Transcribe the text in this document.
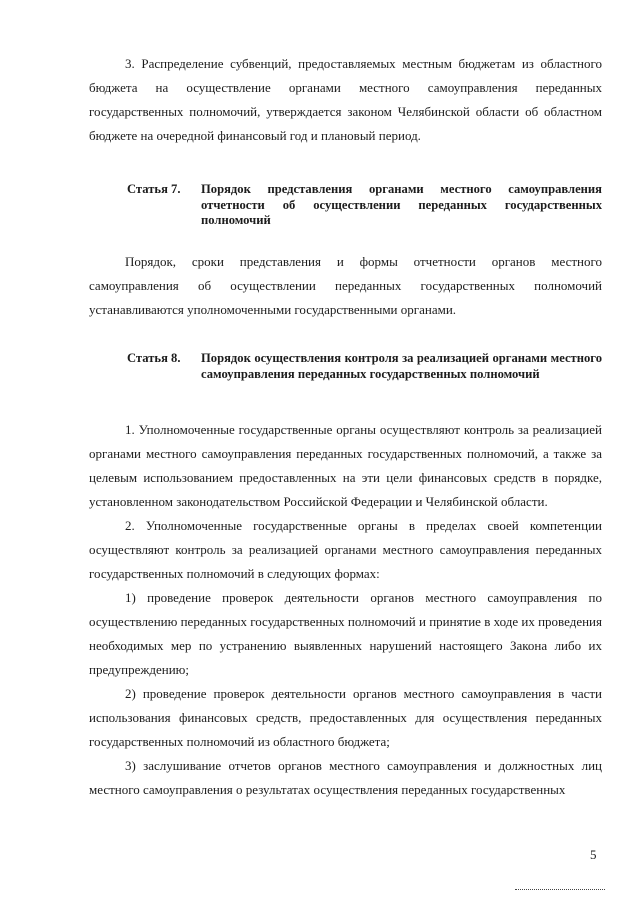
3. Распределение субвенций, предоставляемых местным бюджетам из областного бюджета на осуществление органами местного самоуправления переданных государственных полномочий, утверждается законом Челябинской области об областном бюджете на очередной финансовый год и плановый период.

Статья 7.	Порядок представления органами местного самоуправления отчетности об осуществлении переданных государственных полномочий

Порядок, сроки представления и формы отчетности органов местного самоуправления об осуществлении переданных государственных полномочий устанавливаются уполномоченными государственными органами.

Статья 8.	Порядок осуществления контроля за реализацией органами местного самоуправления переданных государственных полномочий

1. Уполномоченные государственные органы осуществляют контроль за реализацией органами местного самоуправления переданных государственных полномочий, а также за целевым использованием предоставленных на эти цели финансовых средств в порядке, установленном законодательством Российской Федерации и Челябинской области.

2. Уполномоченные государственные органы в пределах своей компетенции осуществляют контроль за реализацией органами местного самоуправления переданных государственных полномочий в следующих формах:

1) проведение проверок деятельности органов местного самоуправления по осуществлению переданных государственных полномочий и принятие в ходе их проведения необходимых мер по устранению выявленных нарушений настоящего Закона либо их предупреждению;

2) проведение проверок деятельности органов местного самоуправления в части использования финансовых средств, предоставленных для осуществления переданных государственных полномочий из областного бюджета;

3) заслушивание отчетов органов местного самоуправления и должностных лиц местного самоуправления о результатах осуществления переданных государственных

5
